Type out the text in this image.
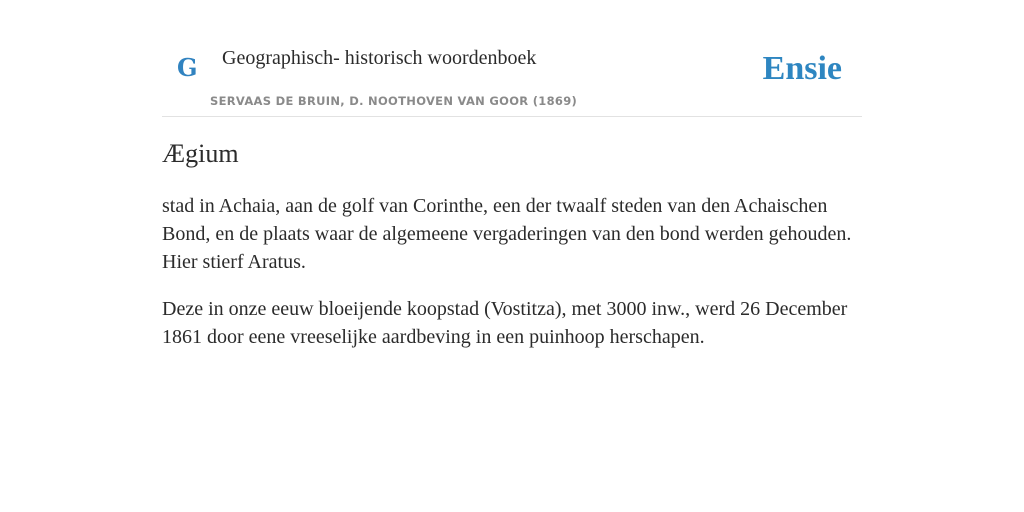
G Geographisch- historisch woordenboek
SERVAAS DE BRUIN, D. NOOTHOVEN VAN GOOR (1869)
Ensie
Ægium

stad in Achaia, aan de golf van Corinthe, een der twaalf steden van den Achaischen Bond, en de plaats waar de algemeene vergaderingen van den bond werden gehouden. Hier stierf Aratus.

Deze in onze eeuw bloeijende koopstad (Vostitza), met 3000 inw., werd 26 December 1861 door eene vreeselijke aardbeving in een puinhoop herschapen.
